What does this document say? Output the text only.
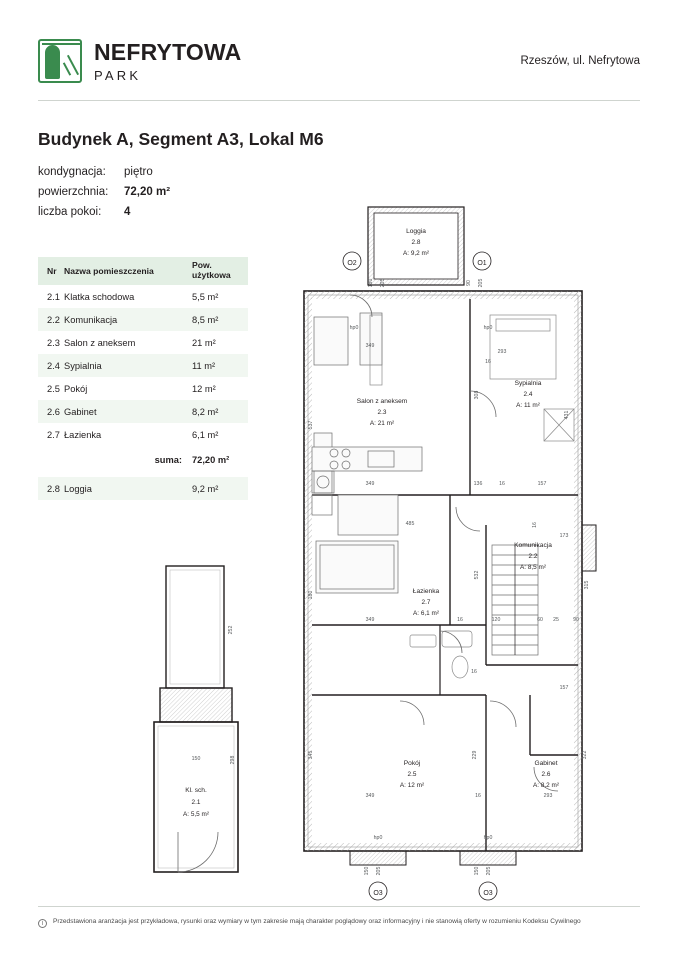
NEFRYTOWA
PARK
Rzeszów, ul. Nefrytowa
Budynek A, Segment A3, Lokal M6
kondygnacja:	piętro
powierzchnia:	72,20 m²
liczba pokoi:	4
Nr Nazwa pomieszczenia
Pow.
użytkowa
2.1 Klatka schodowa	5,5 m²
2.2 Komunikacja	8,5 m²
2.3 Salon z aneksem	21 m²
2.4 Sypialnia	11 m²
2.5 Pokój	12 m²
2.6 Gabinet	8,2 m²
2.7 Łazienka	6,1 m²
suma: 72,20 m²
2.8 Loggia	9,2 m²
Loggia
2.8
A: 9,2 m²
Salon z aneksem
2.3
A: 21 m²
Sypialnia
2.4
A: 11 m²
Komunikacja
2.2
A: 8,5 m²
Łazienka
2.7
A: 6,1 m²
Pokój
2.5
A: 12 m²
Gabinet
2.6
A: 8,2 m²
O2	O1
O3	O3
hp0	hp0
hp0	hp0
180 205	90 205
349
349
293
16
308
431
537
136	16	157
485	16
173
532
315
180
349	16	120	60 25	90
157
345	229	322
349	16	293
150 205	150 205
16
Kl. sch.
2.1
A: 5,5 m²
252
298
150
i	Przedstawiona aranżacja jest przykładowa, rysunki oraz wymiary w tym zakresie mają charakter poglądowy oraz informacyjny i nie stanowią oferty w rozumieniu Kodeksu Cywilnego
